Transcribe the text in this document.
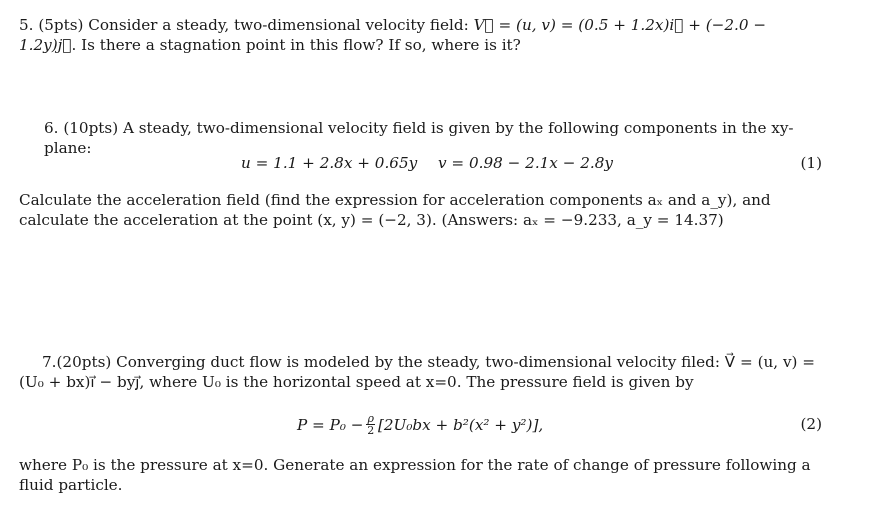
5. (5pts) Consider a steady, two-dimensional velocity field: V⃗ = (u, v) = (0.5 + 1.2x)i⃗ + (−2.0 − 1.2y)j⃗. Is there a stagnation point in this flow? If so, where is it?
6. (10pts) A steady, two-dimensional velocity field is given by the following components in the xy-plane:
u = 1.1 + 2.8x + 0.65y v = 0.98 − 2.1x − 2.8y	(1)
Calculate the acceleration field (find the expression for acceleration components aₓ and a_y), and calculate the acceleration at the point (x, y) = (−2, 3). (Answers: aₓ = −9.233, a_y = 14.37)
7.(20pts) Converging duct flow is modeled by the steady, two-dimensional velocity filed: V⃗ = (u, v) = (U₀ + bx)i⃗ − byj⃗, where U₀ is the horizontal speed at x=0. The pressure field is given by
$P = P_0 - \frac{\rho}{2} [2U_0bx + b^2(x^2 + y^2)]$,	(2)
where P₀ is the pressure at x=0. Generate an expression for the rate of change of pressure following a fluid particle.
